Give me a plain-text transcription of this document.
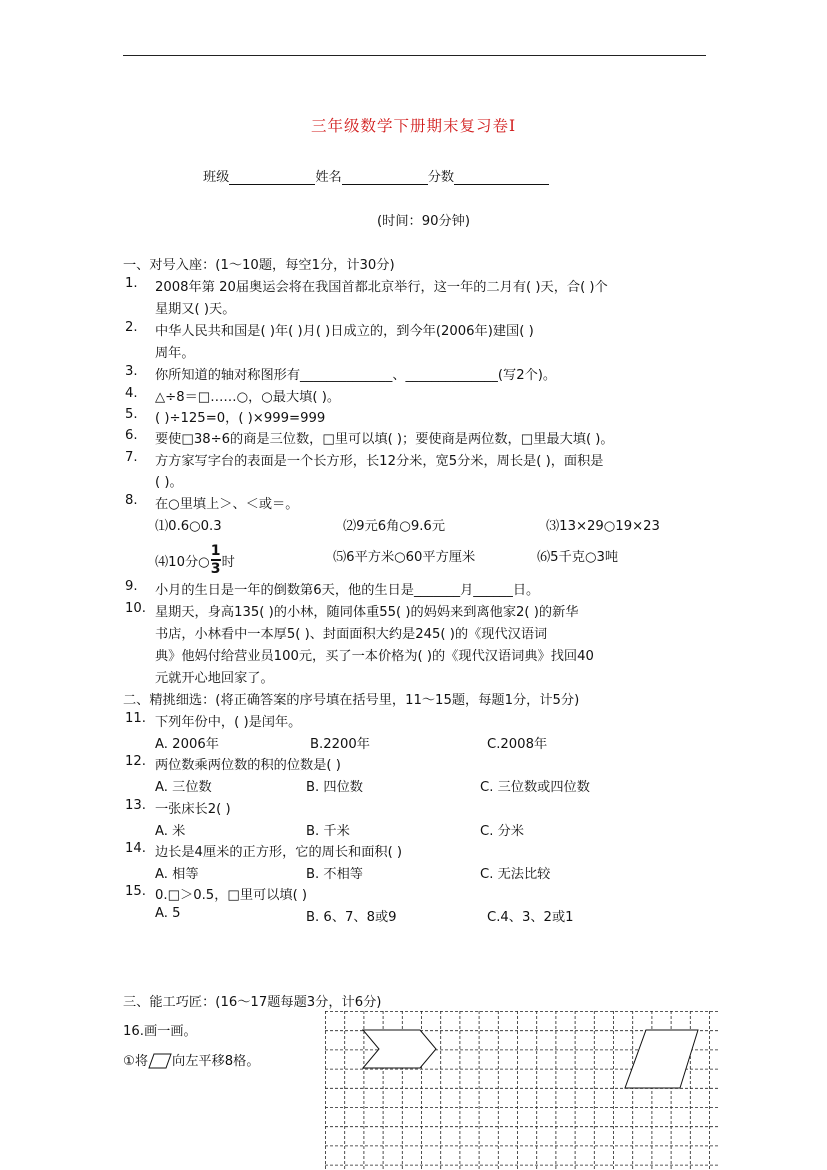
三年级数学下册期末复习卷Ⅰ
班级	姓名	分数
(时间：90分钟)
一、对号入座：(1～10题，每空1分，计30分)
1. 2008年第 20届奥运会将在我国首都北京举行，这一年的二月有( )天，合( )个
星期又( )天。
2. 中华人民共和国是( )年( )月( )日成立的，到今年(2006年)建国( )
周年。
3. 你所知道的轴对称图形有______________、______________(写2个)。
4. △÷8＝□……○，○最大填( )。
5. ( )÷125=0，( )×999=999
6. 要使□38÷6的商是三位数，□里可以填( )；要使商是两位数，□里最大填( )。
7. 方方家写字台的表面是一个长方形，长12分米，宽5分米，周长是( )，面积是
( )。
8. 在○里填上＞、＜或＝。
⑴0.6○0.3	⑵9元6角○9.6元	⑶13×29○19×23
⑷10分○ $\frac{1}{3}$ 时	⑸6平方米○60平方厘米	⑹5千克○3吨
9. 小月的生日是一年的倒数第6天，他的生日是_______月______日。
10. 星期天，身高135( )的小林，随同体重55( )的妈妈来到离他家2( )的新华
书店，小林看中一本厚5( )、封面面积大约是245( )的《现代汉语词
典》他妈付给营业员100元，买了一本价格为( )的《现代汉语词典》找回40
元就开心地回家了。
二、精挑细选：(将正确答案的序号填在括号里，11～15题，每题1分，计5分)
11. 下列年份中，( )是闰年。
A. 2006年	B.2200年	C.2008年
12. 两位数乘两位数的积的位数是( )
A. 三位数	B. 四位数	C. 三位数或四位数
13. 一张床长2( )
A. 米	B. 千米	C. 分米
14. 边长是4厘米的正方形，它的周长和面积( )
A. 相等	B. 不相等	C. 无法比较
15. 0.□＞0.5，□里可以填( )
A. 5	B. 6、7、8或9	C.4、3、2或1
三、能工巧匠：(16～17题每题3分，计6分)
16.画一画。
①将 向左平移8格。
